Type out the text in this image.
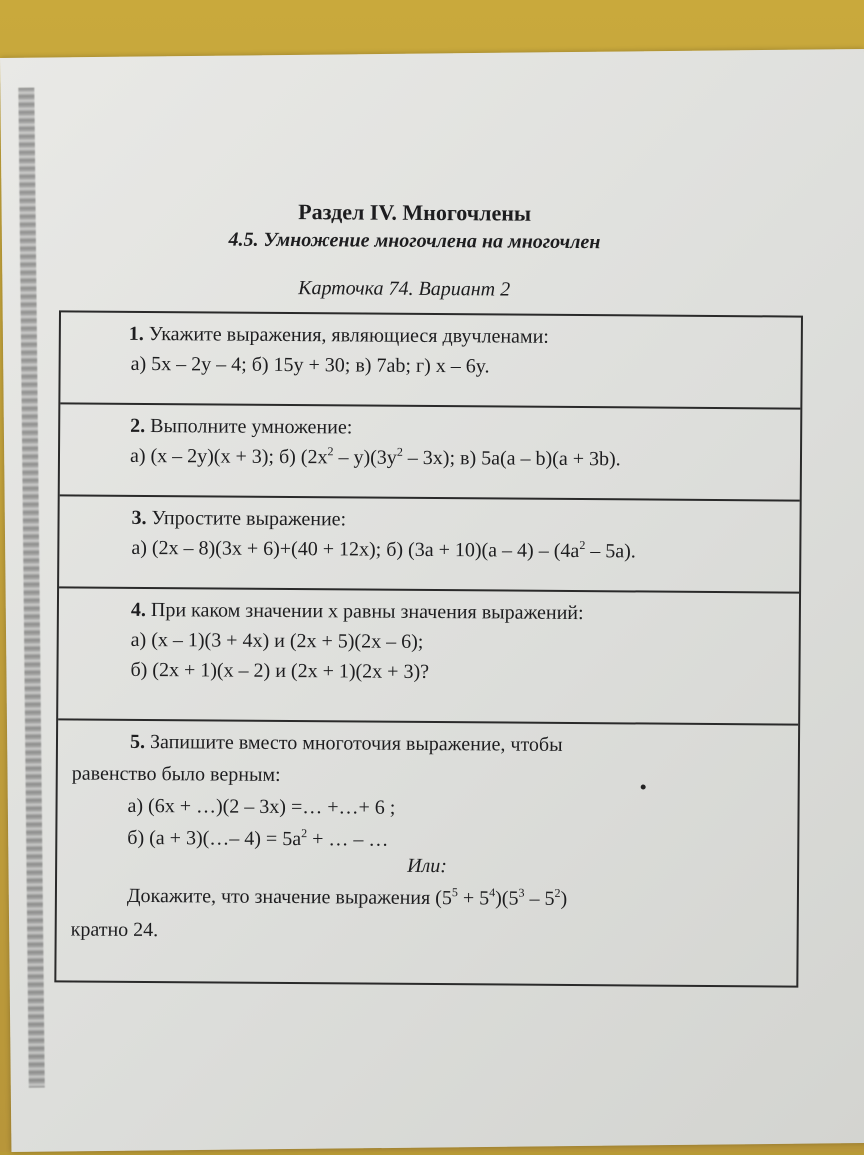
Раздел IV. Многочлены
4.5. Умножение многочлена на многочлен
Карточка 74. Вариант 2
1. Укажите выражения, являющиеся двучленами:
а) 5x – 2y – 4; б) 15y + 30; в) 7ab; г) x – 6y.
2. Выполните умножение:
а) (x – 2y)(x + 3); б) $(2x^2 - y)(3y^2 - 3x)$; в) 5a(a – b)(a + 3b).
3. Упростите выражение:
а) (2x – 8)(3x + 6)+(40 + 12x); б) $(3a + 10)(a - 4) - (4a^2 - 5a)$.
4. При каком значении x равны значения выражений:
а) (x – 1)(3 + 4x) и (2x + 5)(2x – 6);
б) (2x + 1)(x – 2) и (2x + 1)(2x + 3)?
5. Запишите вместо многоточия выражение, чтобы
равенство было верным:
а) (6x + …)(2 – 3x) =… +…+ 6 ;
б) (a + 3)(…– $4) = 5a^2$ + … – …
Или:
Докажите, что значение выражения $(5^5 + 5^4)(5^3 - 5^2)$
кратно 24.
